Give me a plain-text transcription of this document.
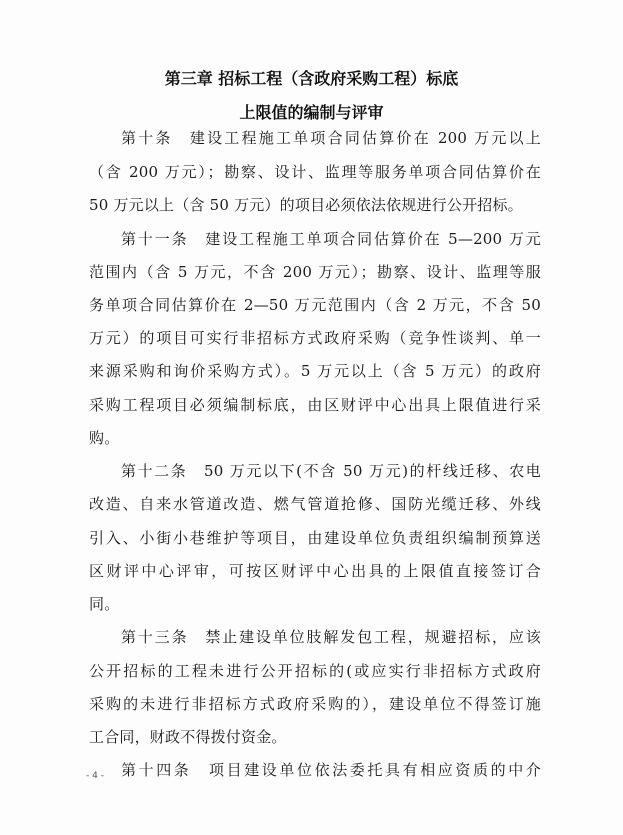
第三章 招标工程（含政府采购工程）标底
上限值的编制与评审
第十条　建设工程施工单项合同估算价在 200 万元以上
（含 200 万元）；勘察、设计、监理等服务单项合同估算价在
50 万元以上（含 50 万元）的项目必须依法依规进行公开招标。
第十一条　建设工程施工单项合同估算价在 5—200 万元
范围内（含 5 万元，不含 200 万元）；勘察、设计、监理等服
务单项合同估算价在 2—50 万元范围内（含 2 万元，不含 50
万元）的项目可实行非招标方式政府采购（竞争性谈判、单一
来源采购和询价采购方式）。5 万元以上（含 5 万元）的政府
采购工程项目必须编制标底，由区财评中心出具上限值进行采
购。
第十二条　50 万元以下(不含 50 万元)的杆线迁移、农电
改造、自来水管道改造、燃气管道抢修、国防光缆迁移、外线
引入、小街小巷维护等项目，由建设单位负责组织编制预算送
区财评中心评审，可按区财评中心出具的上限值直接签订合
同。
第十三条　禁止建设单位肢解发包工程，规避招标，应该
公开招标的工程未进行公开招标的(或应实行非招标方式政府
采购的未进行非招标方式政府采购的），建设单位不得签订施
工合同，财政不得拨付资金。
第十四条　项目建设单位依法委托具有相应资质的中介
- 4 -
